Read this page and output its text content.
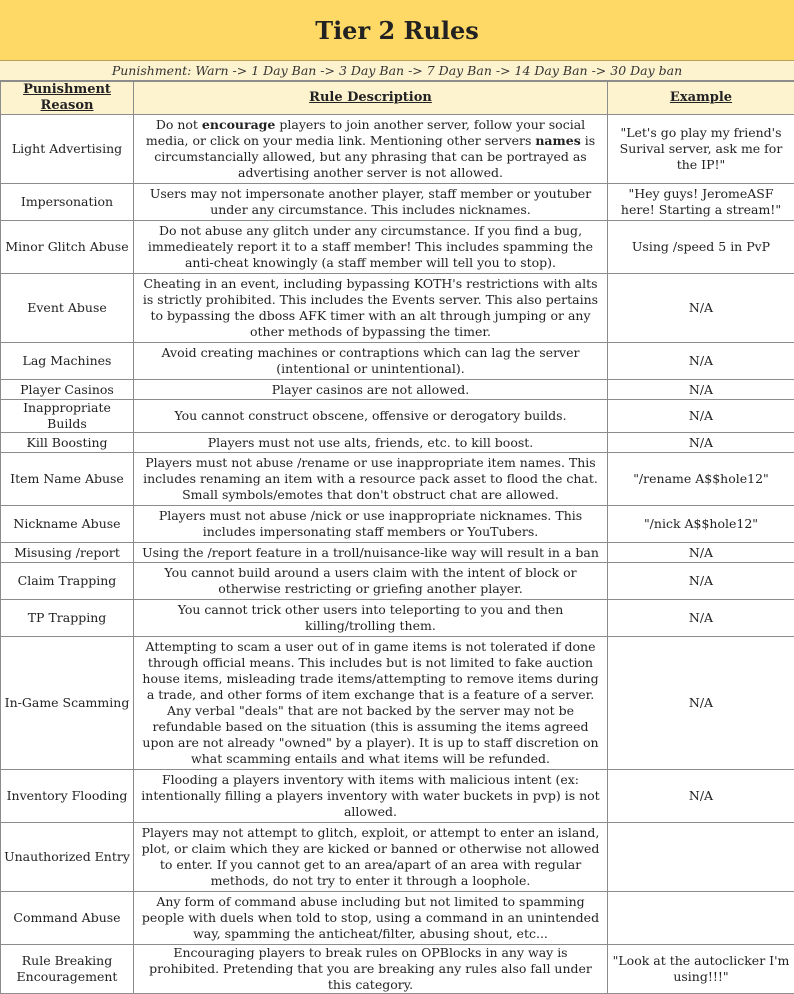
Tier 2 Rules
Punishment: Warn -> 1 Day Ban -> 3 Day Ban -> 7 Day Ban -> 14 Day Ban -> 30 Day ban
Punishment Reason	Rule Description	Example
Light Advertising	Do not encourage players to join another server, follow your social media, or click on your media link. Mentioning other servers names is circumstancially allowed, but any phrasing that can be portrayed as advertising another server is not allowed.	"Let's go play my friend's Surival server, ask me for the IP!"
Impersonation	Users may not impersonate another player, staff member or youtuber under any circumstance. This includes nicknames.	"Hey guys! JeromeASF here! Starting a stream!"
Minor Glitch Abuse	Do not abuse any glitch under any circumstance. If you find a bug, immedieately report it to a staff member! This includes spamming the anti-cheat knowingly (a staff member will tell you to stop).	Using /speed 5 in PvP
Event Abuse	Cheating in an event, including bypassing KOTH's restrictions with alts is strictly prohibited. This includes the Events server. This also pertains to bypassing the dboss AFK timer with an alt through jumping or any other methods of bypassing the timer.	N/A
Lag Machines	Avoid creating machines or contraptions which can lag the server (intentional or unintentional).	N/A
Player Casinos	Player casinos are not allowed.	N/A
Inappropriate Builds	You cannot construct obscene, offensive or derogatory builds.	N/A
Kill Boosting	Players must not use alts, friends, etc. to kill boost.	N/A
Item Name Abuse	Players must not abuse /rename or use inappropriate item names. This includes renaming an item with a resource pack asset to flood the chat. Small symbols/emotes that don't obstruct chat are allowed.	"/rename A$$hole12"
Nickname Abuse	Players must not abuse /nick or use inappropriate nicknames. This includes impersonating staff members or YouTubers.	"/nick A$$hole12"
Misusing /report	Using the /report feature in a troll/nuisance-like way will result in a ban	N/A
Claim Trapping	You cannot build around a users claim with the intent of block or otherwise restricting or griefing another player.	N/A
TP Trapping	You cannot trick other users into teleporting to you and then killing/trolling them.	N/A
In-Game Scamming	Attempting to scam a user out of in game items is not tolerated if done through official means. This includes but is not limited to fake auction house items, misleading trade items/attempting to remove items during a trade, and other forms of item exchange that is a feature of a server. Any verbal "deals" that are not backed by the server may not be refundable based on the situation (this is assuming the items agreed upon are not already "owned" by a player). It is up to staff discretion on what scamming entails and what items will be refunded.	N/A
Inventory Flooding	Flooding a players inventory with items with malicious intent (ex: intentionally filling a players inventory with water buckets in pvp) is not allowed.	N/A
Unauthorized Entry	Players may not attempt to glitch, exploit, or attempt to enter an island, plot, or claim which they are kicked or banned or otherwise not allowed to enter. If you cannot get to an area/apart of an area with regular methods, do not try to enter it through a loophole.	
Command Abuse	Any form of command abuse including but not limited to spamming people with duels when told to stop, using a command in an unintended way, spamming the anticheat/filter, abusing shout, etc...	
Rule Breaking Encouragement	Encouraging players to break rules on OPBlocks in any way is prohibited. Pretending that you are breaking any rules also fall under this category.	"Look at the autoclicker I'm using!!!"
